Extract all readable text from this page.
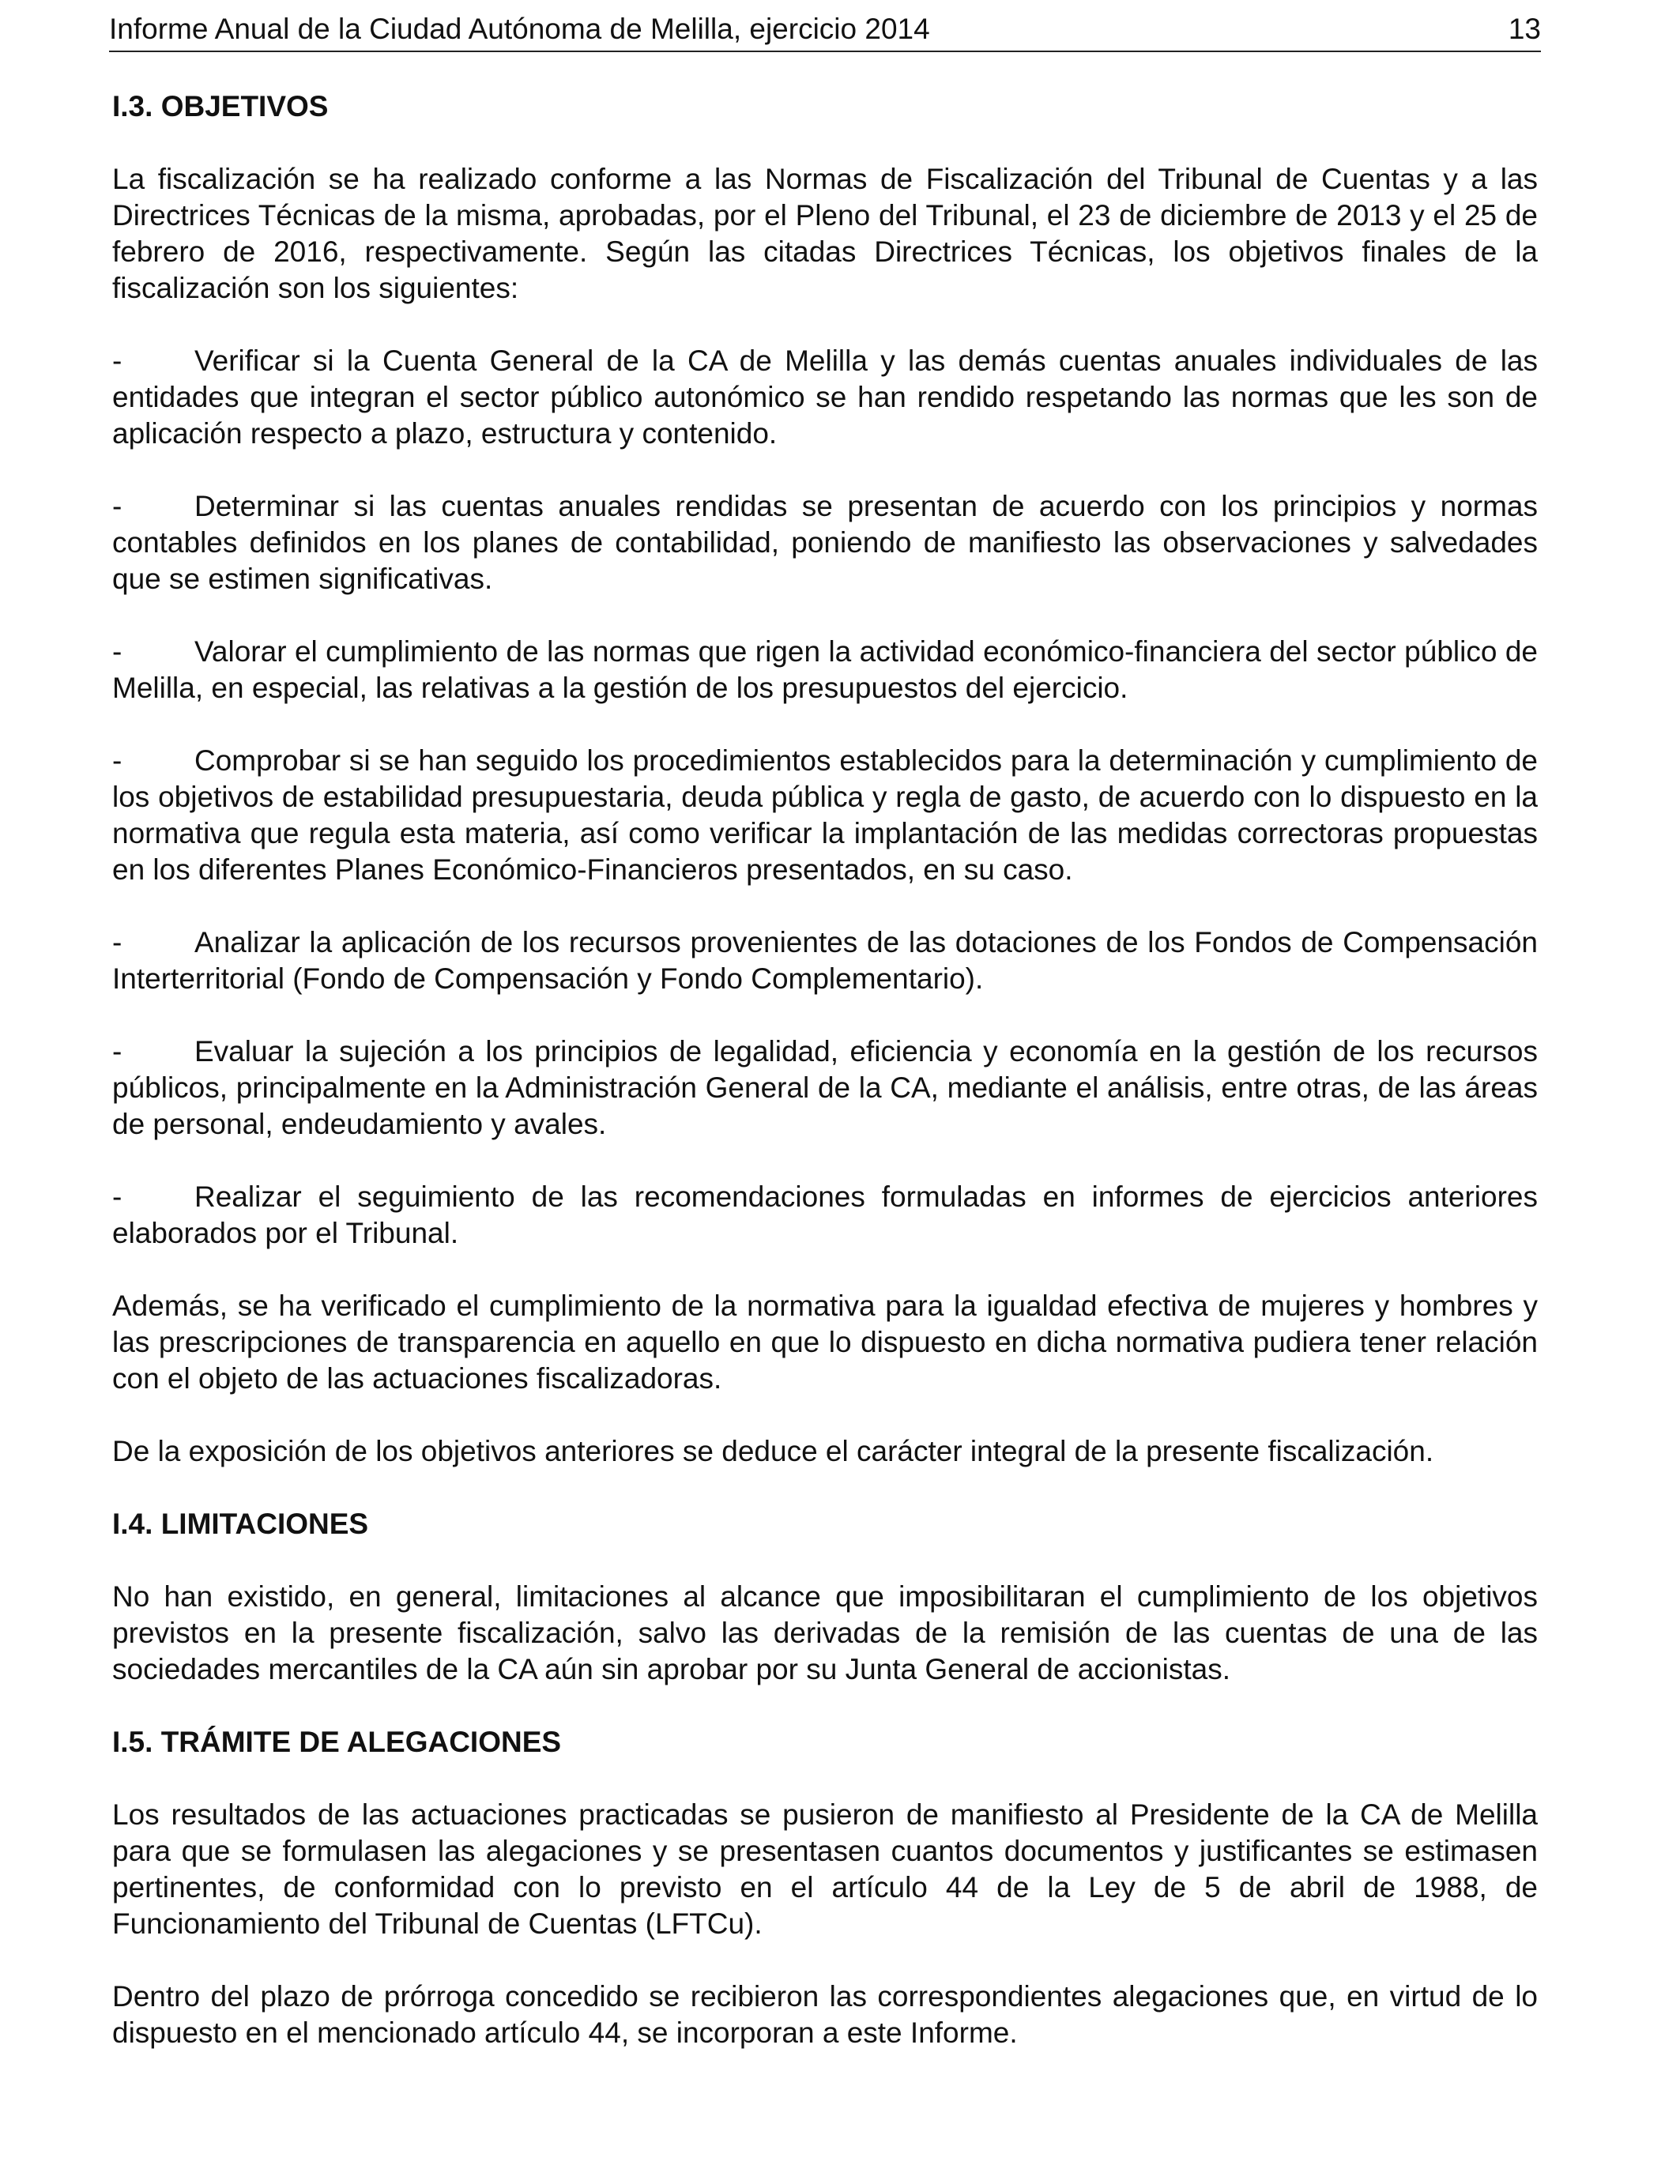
Informe Anual de la Ciudad Autónoma de Melilla, ejercicio 2014	13
I.3. OBJETIVOS

La fiscalización se ha realizado conforme a las Normas de Fiscalización del Tribunal de Cuentas y a las Directrices Técnicas de la misma, aprobadas, por el Pleno del Tribunal, el 23 de diciembre de 2013 y el 25 de febrero de 2016, respectivamente. Según las citadas Directrices Técnicas, los objetivos finales de la fiscalización son los siguientes:

- Verificar si la Cuenta General de la CA de Melilla y las demás cuentas anuales individuales de las entidades que integran el sector público autonómico se han rendido respetando las normas que les son de aplicación respecto a plazo, estructura y contenido.

- Determinar si las cuentas anuales rendidas se presentan de acuerdo con los principios y normas contables definidos en los planes de contabilidad, poniendo de manifiesto las observaciones y salvedades que se estimen significativas.

- Valorar el cumplimiento de las normas que rigen la actividad económico-financiera del sector público de Melilla, en especial, las relativas a la gestión de los presupuestos del ejercicio.

- Comprobar si se han seguido los procedimientos establecidos para la determinación y cumplimiento de los objetivos de estabilidad presupuestaria, deuda pública y regla de gasto, de acuerdo con lo dispuesto en la normativa que regula esta materia, así como verificar la implantación de las medidas correctoras propuestas en los diferentes Planes Económico-Financieros presentados, en su caso.

- Analizar la aplicación de los recursos provenientes de las dotaciones de los Fondos de Compensación Interterritorial (Fondo de Compensación y Fondo Complementario).

- Evaluar la sujeción a los principios de legalidad, eficiencia y economía en la gestión de los recursos públicos, principalmente en la Administración General de la CA, mediante el análisis, entre otras, de las áreas de personal, endeudamiento y avales.

- Realizar el seguimiento de las recomendaciones formuladas en informes de ejercicios anteriores elaborados por el Tribunal.

Además, se ha verificado el cumplimiento de la normativa para la igualdad efectiva de mujeres y hombres y las prescripciones de transparencia en aquello en que lo dispuesto en dicha normativa pudiera tener relación con el objeto de las actuaciones fiscalizadoras.

De la exposición de los objetivos anteriores se deduce el carácter integral de la presente fiscalización.

I.4. LIMITACIONES

No han existido, en general, limitaciones al alcance que imposibilitaran el cumplimiento de los objetivos previstos en la presente fiscalización, salvo las derivadas de la remisión de las cuentas de una de las sociedades mercantiles de la CA aún sin aprobar por su Junta General de accionistas.

I.5. TRÁMITE DE ALEGACIONES

Los resultados de las actuaciones practicadas se pusieron de manifiesto al Presidente de la CA de Melilla para que se formulasen las alegaciones y se presentasen cuantos documentos y justificantes se estimasen pertinentes, de conformidad con lo previsto en el artículo 44 de la Ley de 5 de abril de 1988, de Funcionamiento del Tribunal de Cuentas (LFTCu).

Dentro del plazo de prórroga concedido se recibieron las correspondientes alegaciones que, en virtud de lo dispuesto en el mencionado artículo 44, se incorporan a este Informe.
